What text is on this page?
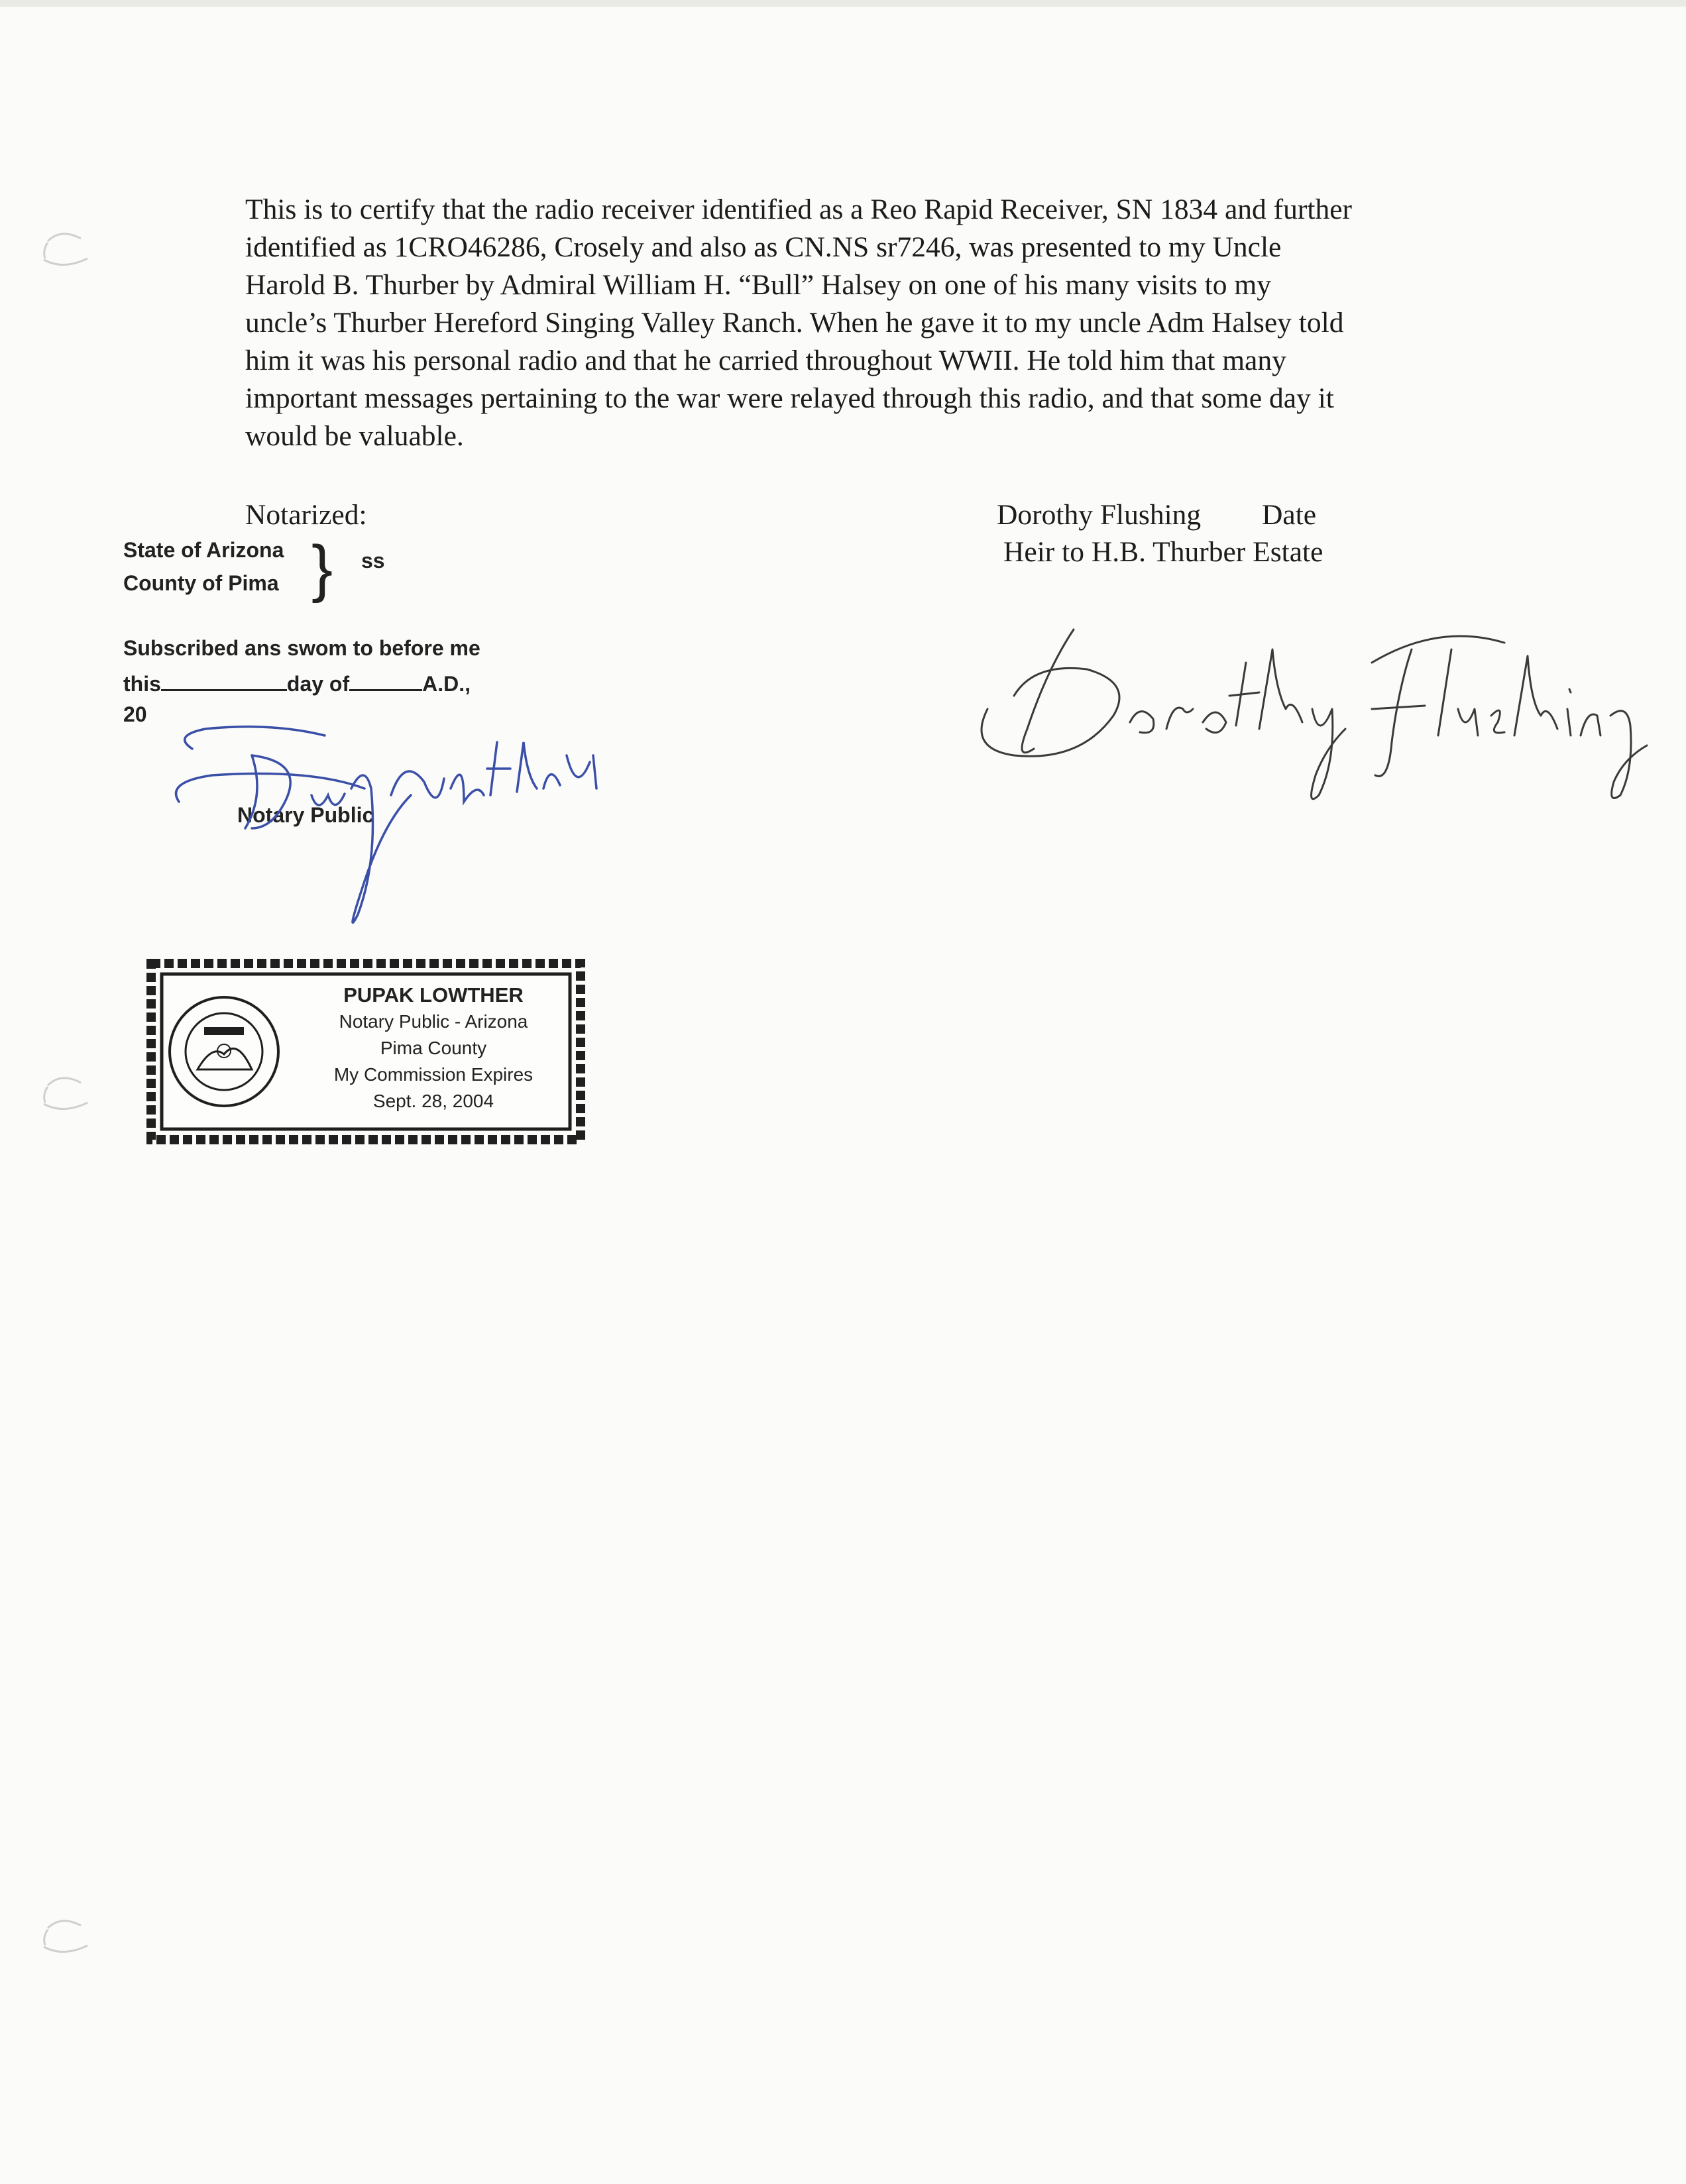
This is to certify that the radio receiver identified as a Reo Rapid Receiver, SN 1834 and further
identified as 1CRO46286, Crosely and also as CN.NS sr7246, was presented to my Uncle
Harold B. Thurber by Admiral William H. “Bull” Halsey on one of his many visits to my
uncle’s Thurber Hereford Singing Valley Ranch. When he gave it to my uncle Adm Halsey told
him it was his personal radio and that he carried throughout WWII. He told him that many
important messages pertaining to the war were relayed through this radio, and that some day it
would be valuable.
Notarized:	Dorothy Flushing Date
Heir to H.B. Thurber Estate
State of Arizona
County of Pima } ss
Subscribed ans swom to before me
this	day of	A.D.,
20
Notary Public
PUPAK LOWTHER
Notary Public - Arizona
Pima County
My Commission Expires
Sept. 28, 2004
